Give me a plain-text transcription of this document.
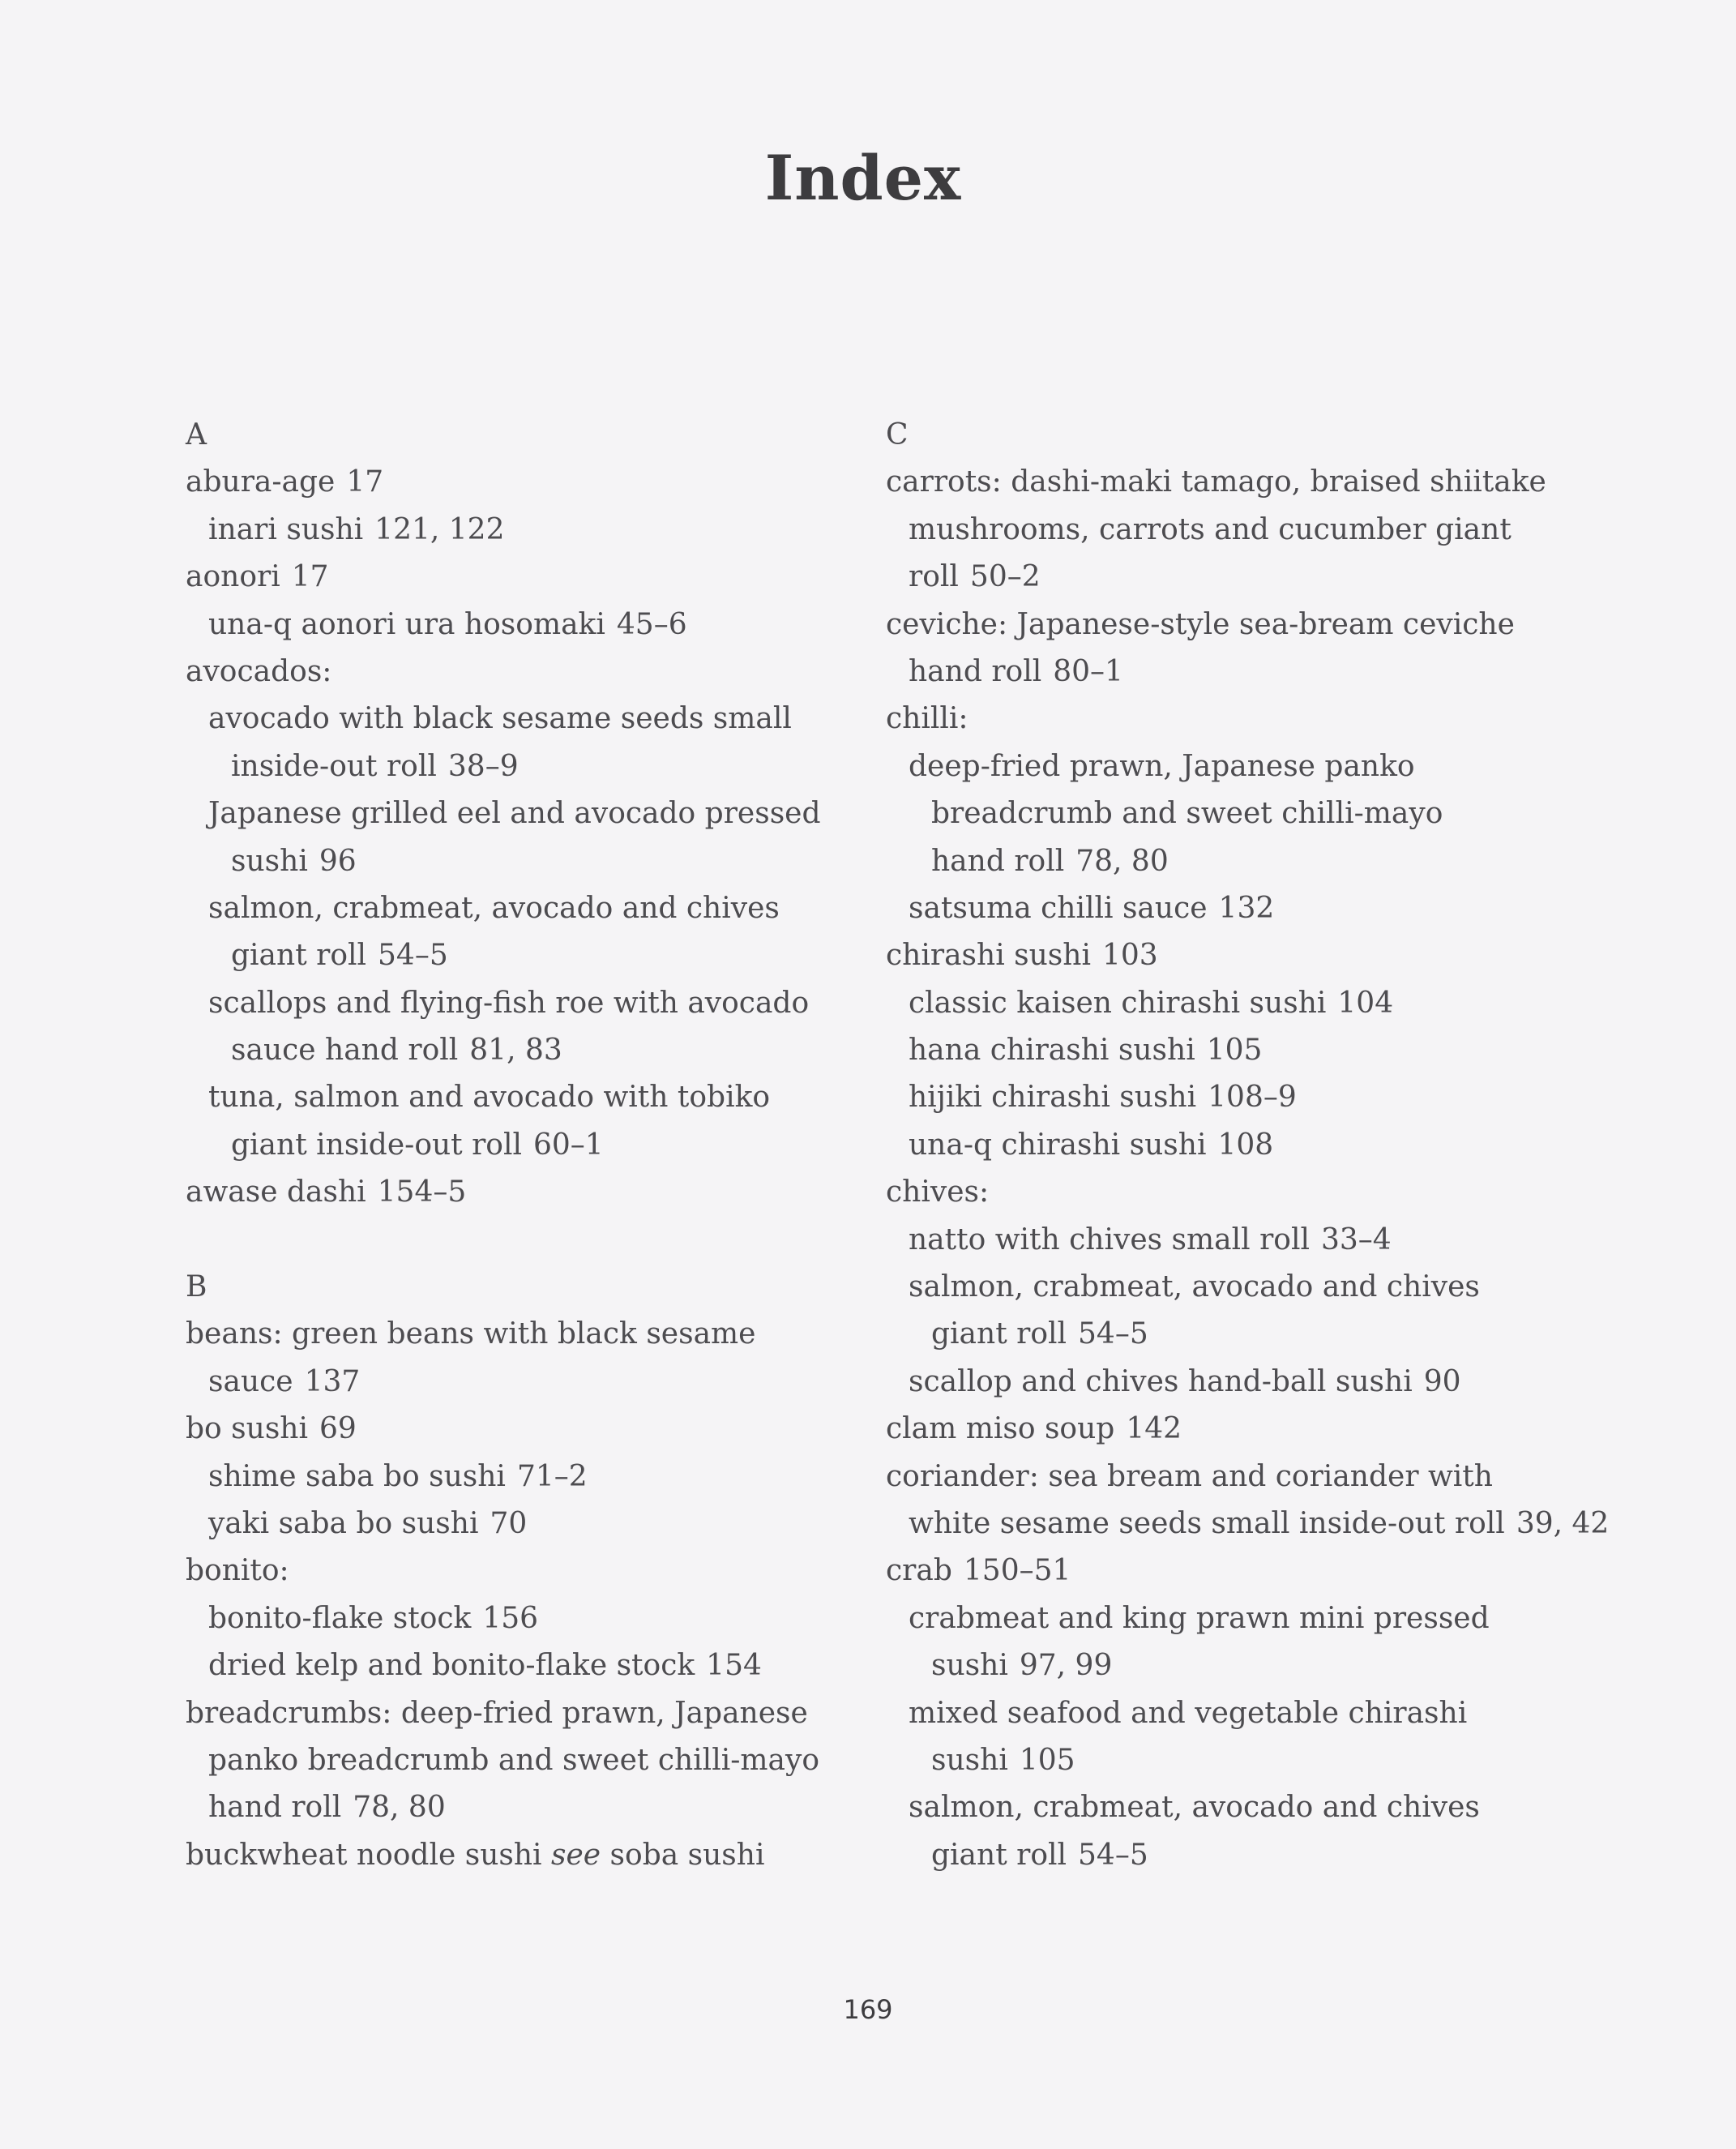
Index
A
abura-age 17
inari sushi 121, 122
aonori 17
una-q aonori ura hosomaki 45–6
avocados:
avocado with black sesame seeds small
inside-out roll 38–9
Japanese grilled eel and avocado pressed
sushi 96
salmon, crabmeat, avocado and chives
giant roll 54–5
scallops and flying-fish roe with avocado
sauce hand roll 81, 83
tuna, salmon and avocado with tobiko
giant inside-out roll 60–1
awase dashi 154–5
B
beans: green beans with black sesame
sauce 137
bo sushi 69
shime saba bo sushi 71–2
yaki saba bo sushi 70
bonito:
bonito-flake stock 156
dried kelp and bonito-flake stock 154
breadcrumbs: deep-fried prawn, Japanese
panko breadcrumb and sweet chilli-mayo
hand roll 78, 80
buckwheat noodle sushi see soba sushi
C
carrots: dashi-maki tamago, braised shiitake
mushrooms, carrots and cucumber giant
roll 50–2
ceviche: Japanese-style sea-bream ceviche
hand roll 80–1
chilli:
deep-fried prawn, Japanese panko
breadcrumb and sweet chilli-mayo
hand roll 78, 80
satsuma chilli sauce 132
chirashi sushi 103
classic kaisen chirashi sushi 104
hana chirashi sushi 105
hijiki chirashi sushi 108–9
una-q chirashi sushi 108
chives:
natto with chives small roll 33–4
salmon, crabmeat, avocado and chives
giant roll 54–5
scallop and chives hand-ball sushi 90
clam miso soup 142
coriander: sea bream and coriander with
white sesame seeds small inside-out roll 39, 42
crab 150–51
crabmeat and king prawn mini pressed
sushi 97, 99
mixed seafood and vegetable chirashi
sushi 105
salmon, crabmeat, avocado and chives
giant roll 54–5
169
